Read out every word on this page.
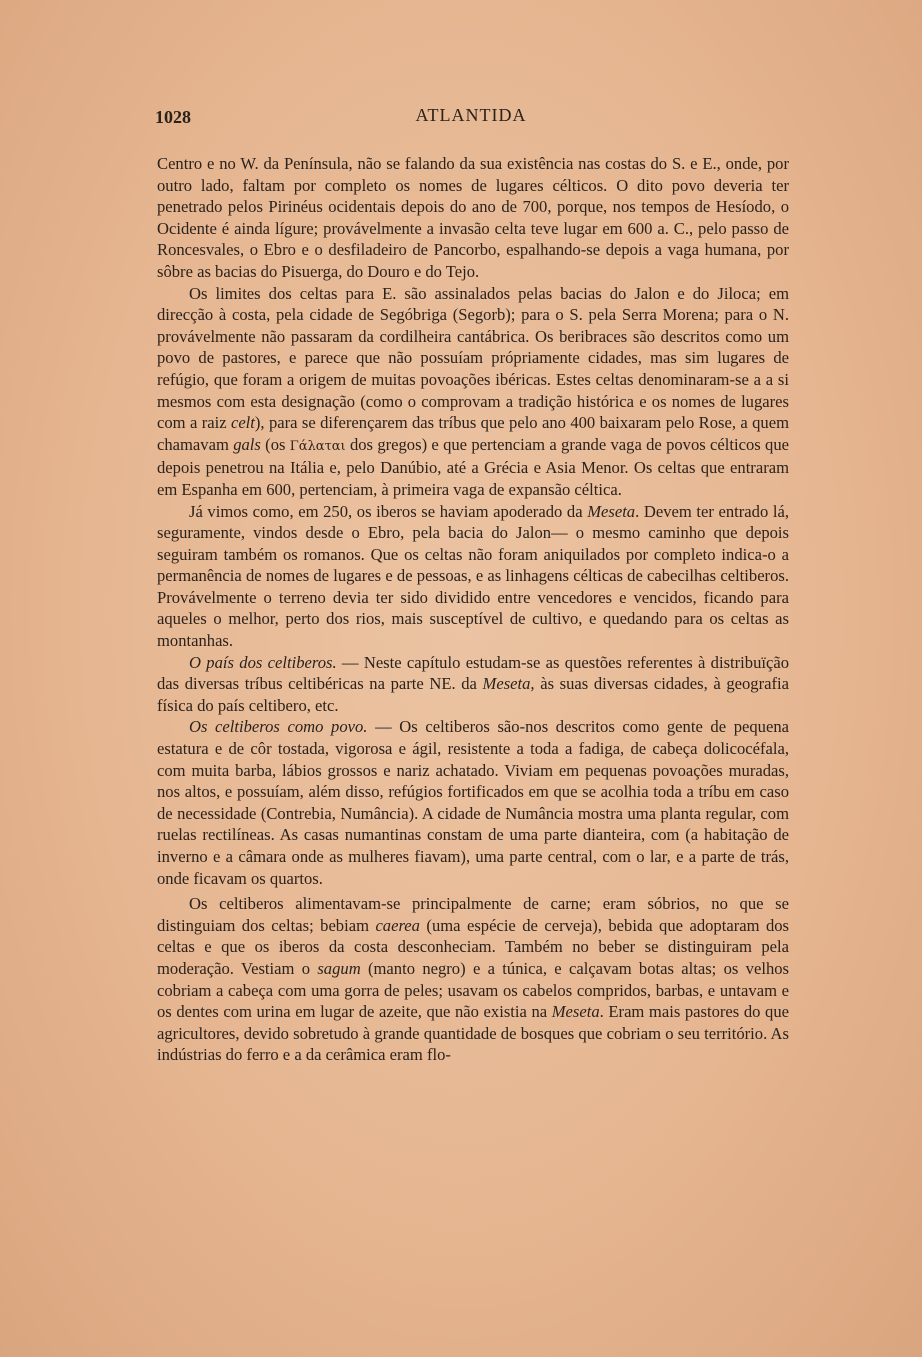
1028	ATLANTIDA

Centro e no W. da Península, não se falando da sua existência nas costas do S. e E., onde, por outro lado, faltam por completo os nomes de lugares célticos. O dito povo deveria ter penetrado pelos Pirinéus ocidentais depois do ano de 700, porque, nos tempos de Hesíodo, o Ocidente é ainda lígure; provávelmente a invasão celta teve lugar em 600 a. C., pelo passo de Roncesvales, o Ebro e o desfiladeiro de Pancorbo, espalhando-se depois a vaga humana, por sôbre as bacias do Pisuerga, do Douro e do Tejo.

Os limites dos celtas para E. são assinalados pelas bacias do Jalon e do Jiloca; em direcção à costa, pela cidade de Segóbriga (Segorb); para o S. pela Serra Morena; para o N. provávelmente não passaram da cordilheira cantábrica. Os beribraces são descritos como um povo de pastores, e parece que não possuíam própriamente cidades, mas sim lugares de refúgio, que foram a origem de muitas povoações ibéricas. Estes celtas denominaram-se a a si mesmos com esta designação (como o comprovam a tradição histórica e os nomes de lugares com a raiz celt), para se diferençarem das tríbus que pelo ano 400 baixaram pelo Rose, a quem chamavam gals (os Γάλαται dos gregos) e que pertenciam a grande vaga de povos célticos que depois penetrou na Itália e, pelo Danúbio, até a Grécia e Asia Menor. Os celtas que entraram em Espanha em 600, pertenciam, à primeira vaga de expansão céltica.

Já vimos como, em 250, os iberos se haviam apoderado da Meseta. Devem ter entrado lá, seguramente, vindos desde o Ebro, pela bacia do Jalon— o mesmo caminho que depois seguiram também os romanos. Que os celtas não foram aniquilados por completo indica-o a permanência de nomes de lugares e de pessoas, e as linhagens célticas de cabecilhas celtiberos. Provávelmente o terreno devia ter sido dividido entre vencedores e vencidos, ficando para aqueles o melhor, perto dos rios, mais susceptível de cultivo, e quedando para os celtas as montanhas.

O país dos celtiberos. — Neste capítulo estudam-se as questões referentes à distribuïção das diversas tríbus celtibéricas na parte NE. da Meseta, às suas diversas cidades, à geografia física do país celtibero, etc.

Os celtiberos como povo. — Os celtiberos são-nos descritos como gente de pequena estatura e de côr tostada, vigorosa e ágil, resistente a toda a fadiga, de cabeça dolicocéfala, com muita barba, lábios grossos e nariz achatado. Viviam em pequenas povoações muradas, nos altos, e possuíam, além disso, refúgios fortificados em que se acolhia toda a tríbu em caso de necessidade (Contrebia, Numância). A cidade de Numância mostra uma planta regular, com ruelas rectilíneas. As casas numantinas constam de uma parte dianteira, com (a habitação de inverno e a câmara onde as mulheres fiavam), uma parte central, com o lar, e a parte de trás, onde ficavam os quartos.

Os celtiberos alimentavam-se principalmente de carne; eram sóbrios, no que se distinguiam dos celtas; bebiam caerea (uma espécie de cerveja), bebida que adoptaram dos celtas e que os iberos da costa desconheciam. Também no beber se distinguiram pela moderação. Vestiam o sagum (manto negro) e a túnica, e calçavam botas altas; os velhos cobriam a cabeça com uma gorra de peles; usavam os cabelos compridos, barbas, e untavam e os dentes com urina em lugar de azeite, que não existia na Meseta. Eram mais pastores do que agricultores, devido sobretudo à grande quantidade de bosques que cobriam o seu território. As indústrias do ferro e a da cerâmica eram flo-
